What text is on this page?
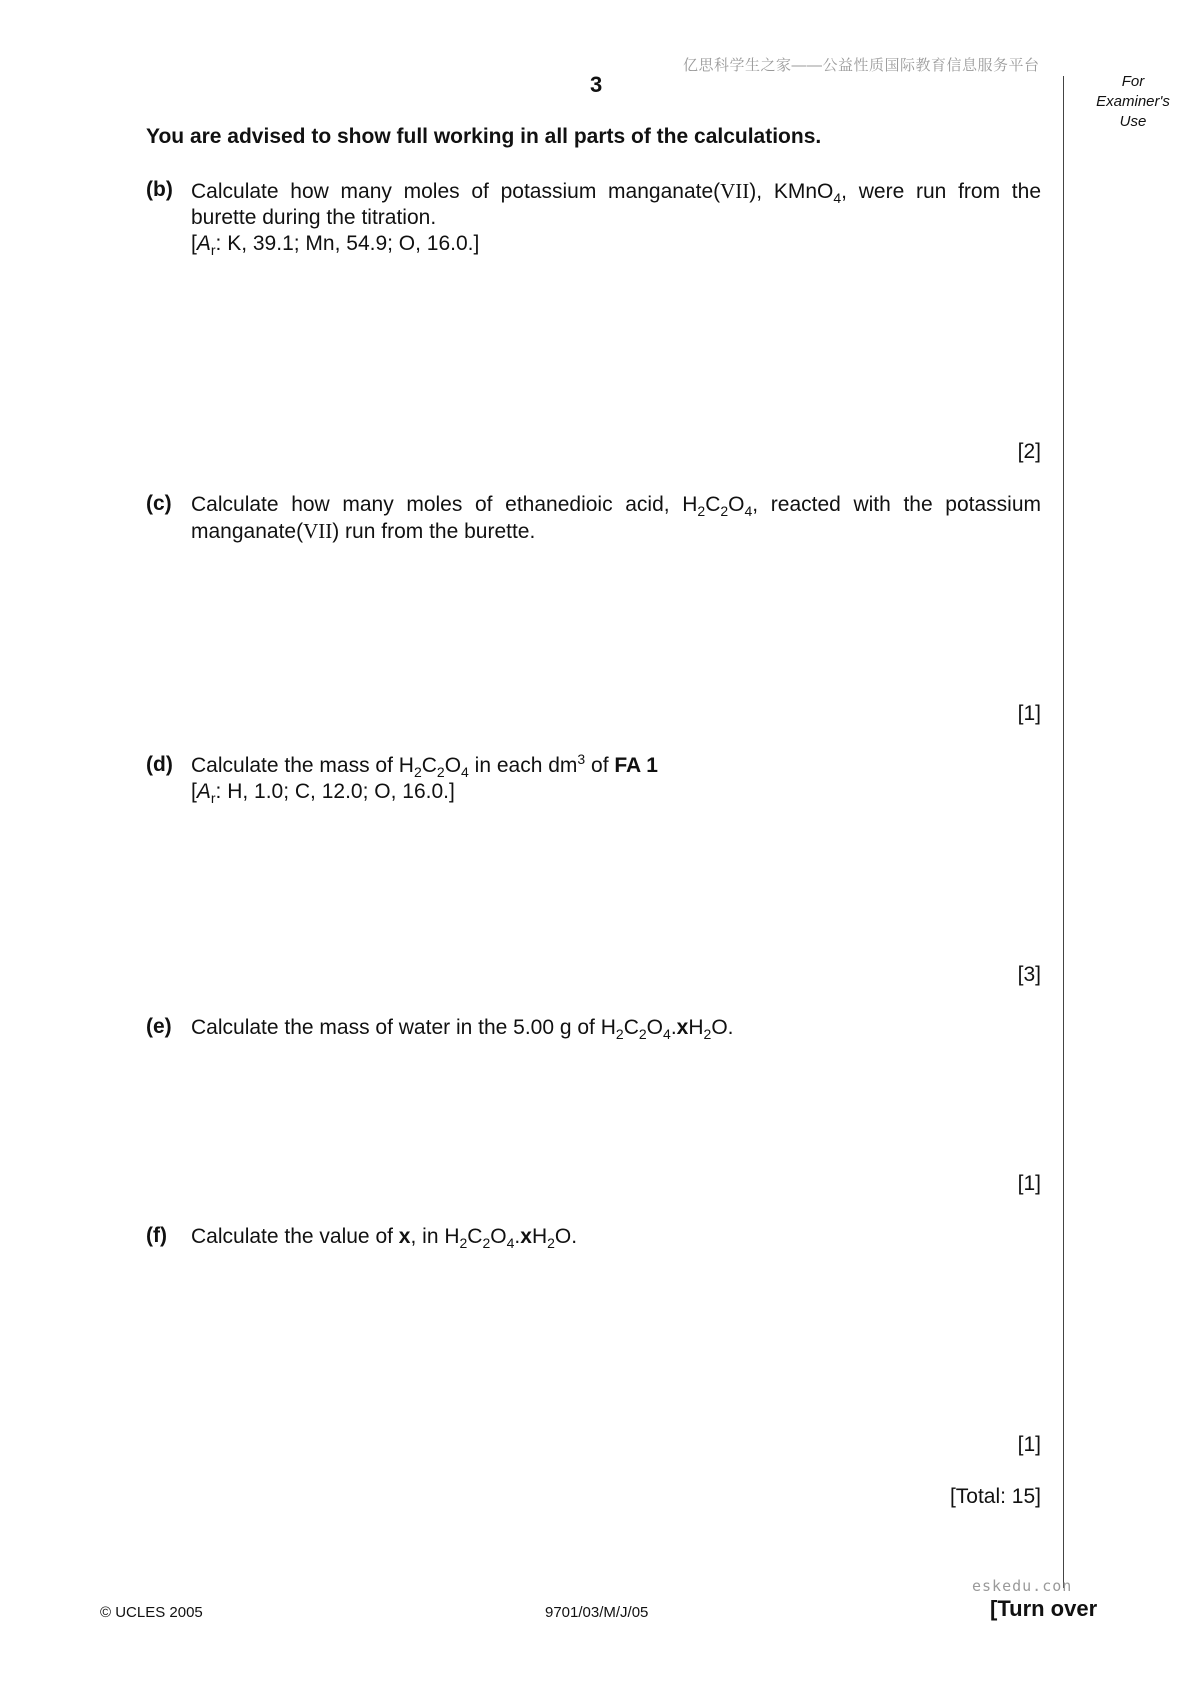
亿思科学生之家——公益性质国际教育信息服务平台
3	For
Examiner's
Use
You are advised to show full working in all parts of the calculations.
(b) Calculate how many moles of potassium manganate(VII), KMnO$_4$, were run from the
burette during the titration.
[$A_r$: K, 39.1; Mn, 54.9; O, 16.0.]
[2]
(c) Calculate how many moles of ethanedioic acid, $H_2C_2O_4$, reacted with the potassium
manganate(VII) run from the burette.
[1]
(d) Calculate the mass of $H_2C_2O_4$ in each $dm^3$ of FA 1
[$A_r$: H, 1.0; C, 12.0; O, 16.0.]
[3]
(e) Calculate the mass of water in the 5.00 g of $H_2C_2O_4.xH_2O$.
[1]
(f) Calculate the value of x, in $H_2C_2O_4.xH_2O$.
[1]
[Total: 15]
eskedu.con
© UCLES 2005	9701/03/M/J/05	[Turn over
